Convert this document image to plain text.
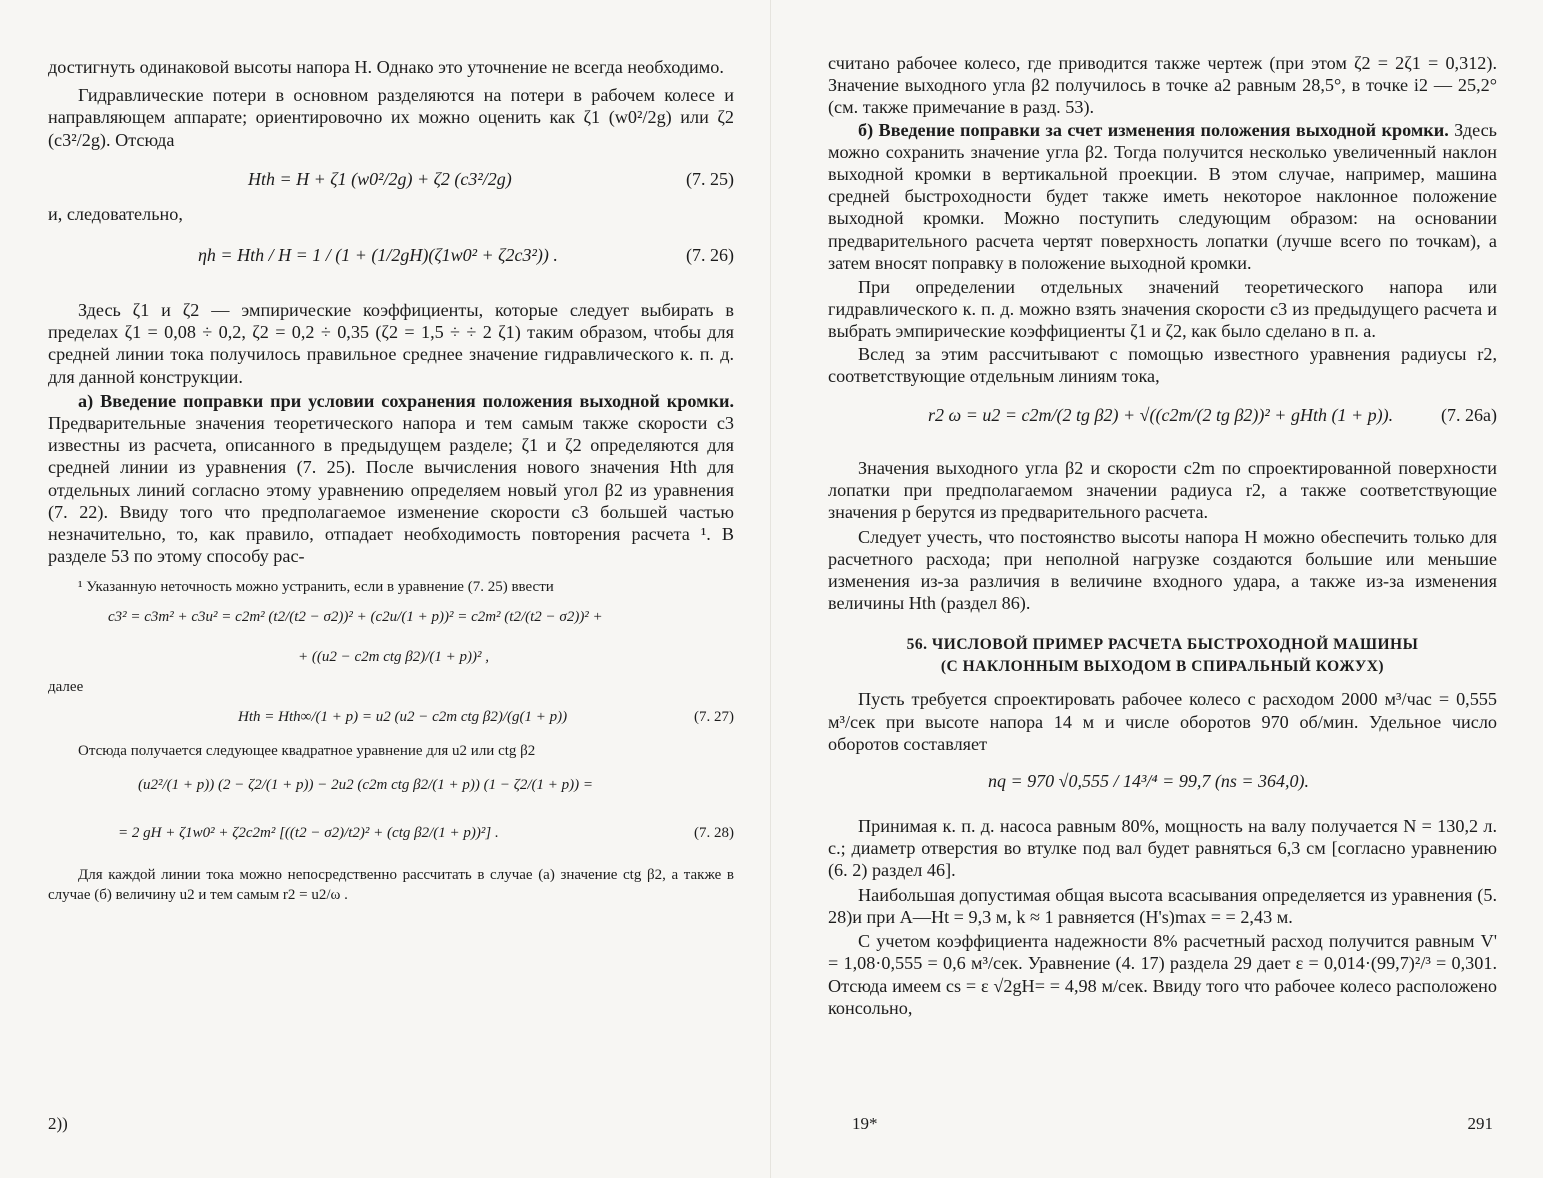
достигнуть одинаковой высоты напора H. Однако это уточнение не всегда необходимо.

Гидравлические потери в основном разделяются на потери в рабочем колесе и направляющем аппарате; ориентировочно их можно оценить как ζ1 (w0²/2g) или ζ2 (c3²/2g). Отсюда

Hth = H + ζ1 (w0²/2g) + ζ2 (c3²/2g)	(7. 25)

и, следовательно,

ηh = Hth / H = 1 / (1 + (1/2gH)(ζ1w0² + ζ2c3²)) .	(7. 26)

Здесь ζ1 и ζ2 — эмпирические коэффициенты, которые следует выбирать в пределах ζ1 = 0,08 ÷ 0,2, ζ2 = 0,2 ÷ 0,35 (ζ2 = 1,5 ÷ ÷ 2 ζ1) таким образом, чтобы для средней линии тока получилось правильное среднее значение гидравлического к. п. д. для данной конструкции.

а) Введение поправки при условии сохранения положения выходной кромки. Предварительные значения теоретического напора и тем самым также скорости c3 известны из расчета, описанного в предыдущем разделе; ζ1 и ζ2 определяются для средней линии из уравнения (7. 25). После вычисления нового значения Hth для отдельных линий согласно этому уравнению определяем новый угол β2 из уравнения (7. 22). Ввиду того что предполагаемое изменение скорости c3 большей частью незначительно, то, как правило, отпадает необходимость повторения расчета ¹. В разделе 53 по этому способу рас-

¹ Указанную неточность можно устранить, если в уравнение (7. 25) ввести

c3² = c3m² + c3u² = c2m² (t2/(t2 − σ2))² + (c2u/(1 + p))² = c2m² (t2/(t2 − σ2))² +
+ ((u2 − c2m ctg β2)/(1 + p))² ,

далее

Hth = Hth∞/(1 + p) = u2 (u2 − c2m ctg β2)/(g(1 + p))	(7. 27)

Отсюда получается следующее квадратное уравнение для u2 или ctg β2

(u2²/(1 + p)) (2 − ζ2/(1 + p)) − 2u2 (c2m ctg β2/(1 + p)) (1 − ζ2/(1 + p)) =
= 2 gH + ζ1w0² + ζ2c2m² [((t2 − σ2)/t2)² + (ctg β2/(1 + p))²] .	(7. 28)

Для каждой линии тока можно непосредственно рассчитать в случае (а) значение ctg β2, а также в случае (б) величину u2 и тем самым r2 = u2/ω .

2))

считано рабочее колесо, где приводится также чертеж (при этом ζ2 = 2ζ1 = 0,312). Значение выходного угла β2 получилось в точке a2 равным 28,5°, в точке i2 — 25,2° (см. также примечание в разд. 53).

б) Введение поправки за счет изменения положения выходной кромки. Здесь можно сохранить значение угла β2. Тогда получится несколько увеличенный наклон выходной кромки в вертикальной проекции. В этом случае, например, машина средней быстроходности будет также иметь некоторое наклонное положение выходной кромки. Можно поступить следующим образом: на основании предварительного расчета чертят поверхность лопатки (лучше всего по точкам), а затем вносят поправку в положение выходной кромки.

При определении отдельных значений теоретического напора или гидравлического к. п. д. можно взять значения скорости c3 из предыдущего расчета и выбрать эмпирические коэффициенты ζ1 и ζ2, как было сделано в п. а.

Вслед за этим рассчитывают с помощью известного уравнения радиусы r2, соответствующие отдельным линиям тока,

r2 ω = u2 = c2m/(2 tg β2) + √((c2m/(2 tg β2))² + gHth (1 + p)).	(7. 26a)

Значения выходного угла β2 и скорости c2m по спроектированной поверхности лопатки при предполагаемом значении радиуса r2, а также соответствующие значения p берутся из предварительного расчета.

Следует учесть, что постоянство высоты напора H можно обеспечить только для расчетного расхода; при неполной нагрузке создаются большие или меньшие изменения из-за различия в величине входного удара, а также из-за изменения величины Hth (раздел 86).

56. ЧИСЛОВОЙ ПРИМЕР РАСЧЕТА БЫСТРОХОДНОЙ МАШИНЫ
(С НАКЛОННЫМ ВЫХОДОМ В СПИРАЛЬНЫЙ КОЖУХ)

Пусть требуется спроектировать рабочее колесо с расходом 2000 м³/час = 0,555 м³/сек при высоте напора 14 м и числе оборотов 970 об/мин. Удельное число оборотов составляет

nq = 970 √0,555 / 14³/⁴ = 99,7 (ns = 364,0).

Принимая к. п. д. насоса равным 80%, мощность на валу получается N = 130,2 л. с.; диаметр отверстия во втулке под вал будет равняться 6,3 см [согласно уравнению (6. 2) раздел 46].

Наибольшая допустимая общая высота всасывания определяется из уравнения (5. 28)и при A—Ht = 9,3 м, k ≈ 1 равняется (H's)max = = 2,43 м.

С учетом коэффициента надежности 8% расчетный расход получится равным V' = 1,08·0,555 = 0,6 м³/сек. Уравнение (4. 17) раздела 29 дает ε = 0,014·(99,7)²/³ = 0,301. Отсюда имеем cs = ε √2gH= = 4,98 м/сек. Ввиду того что рабочее колесо расположено консольно,

19*	291
